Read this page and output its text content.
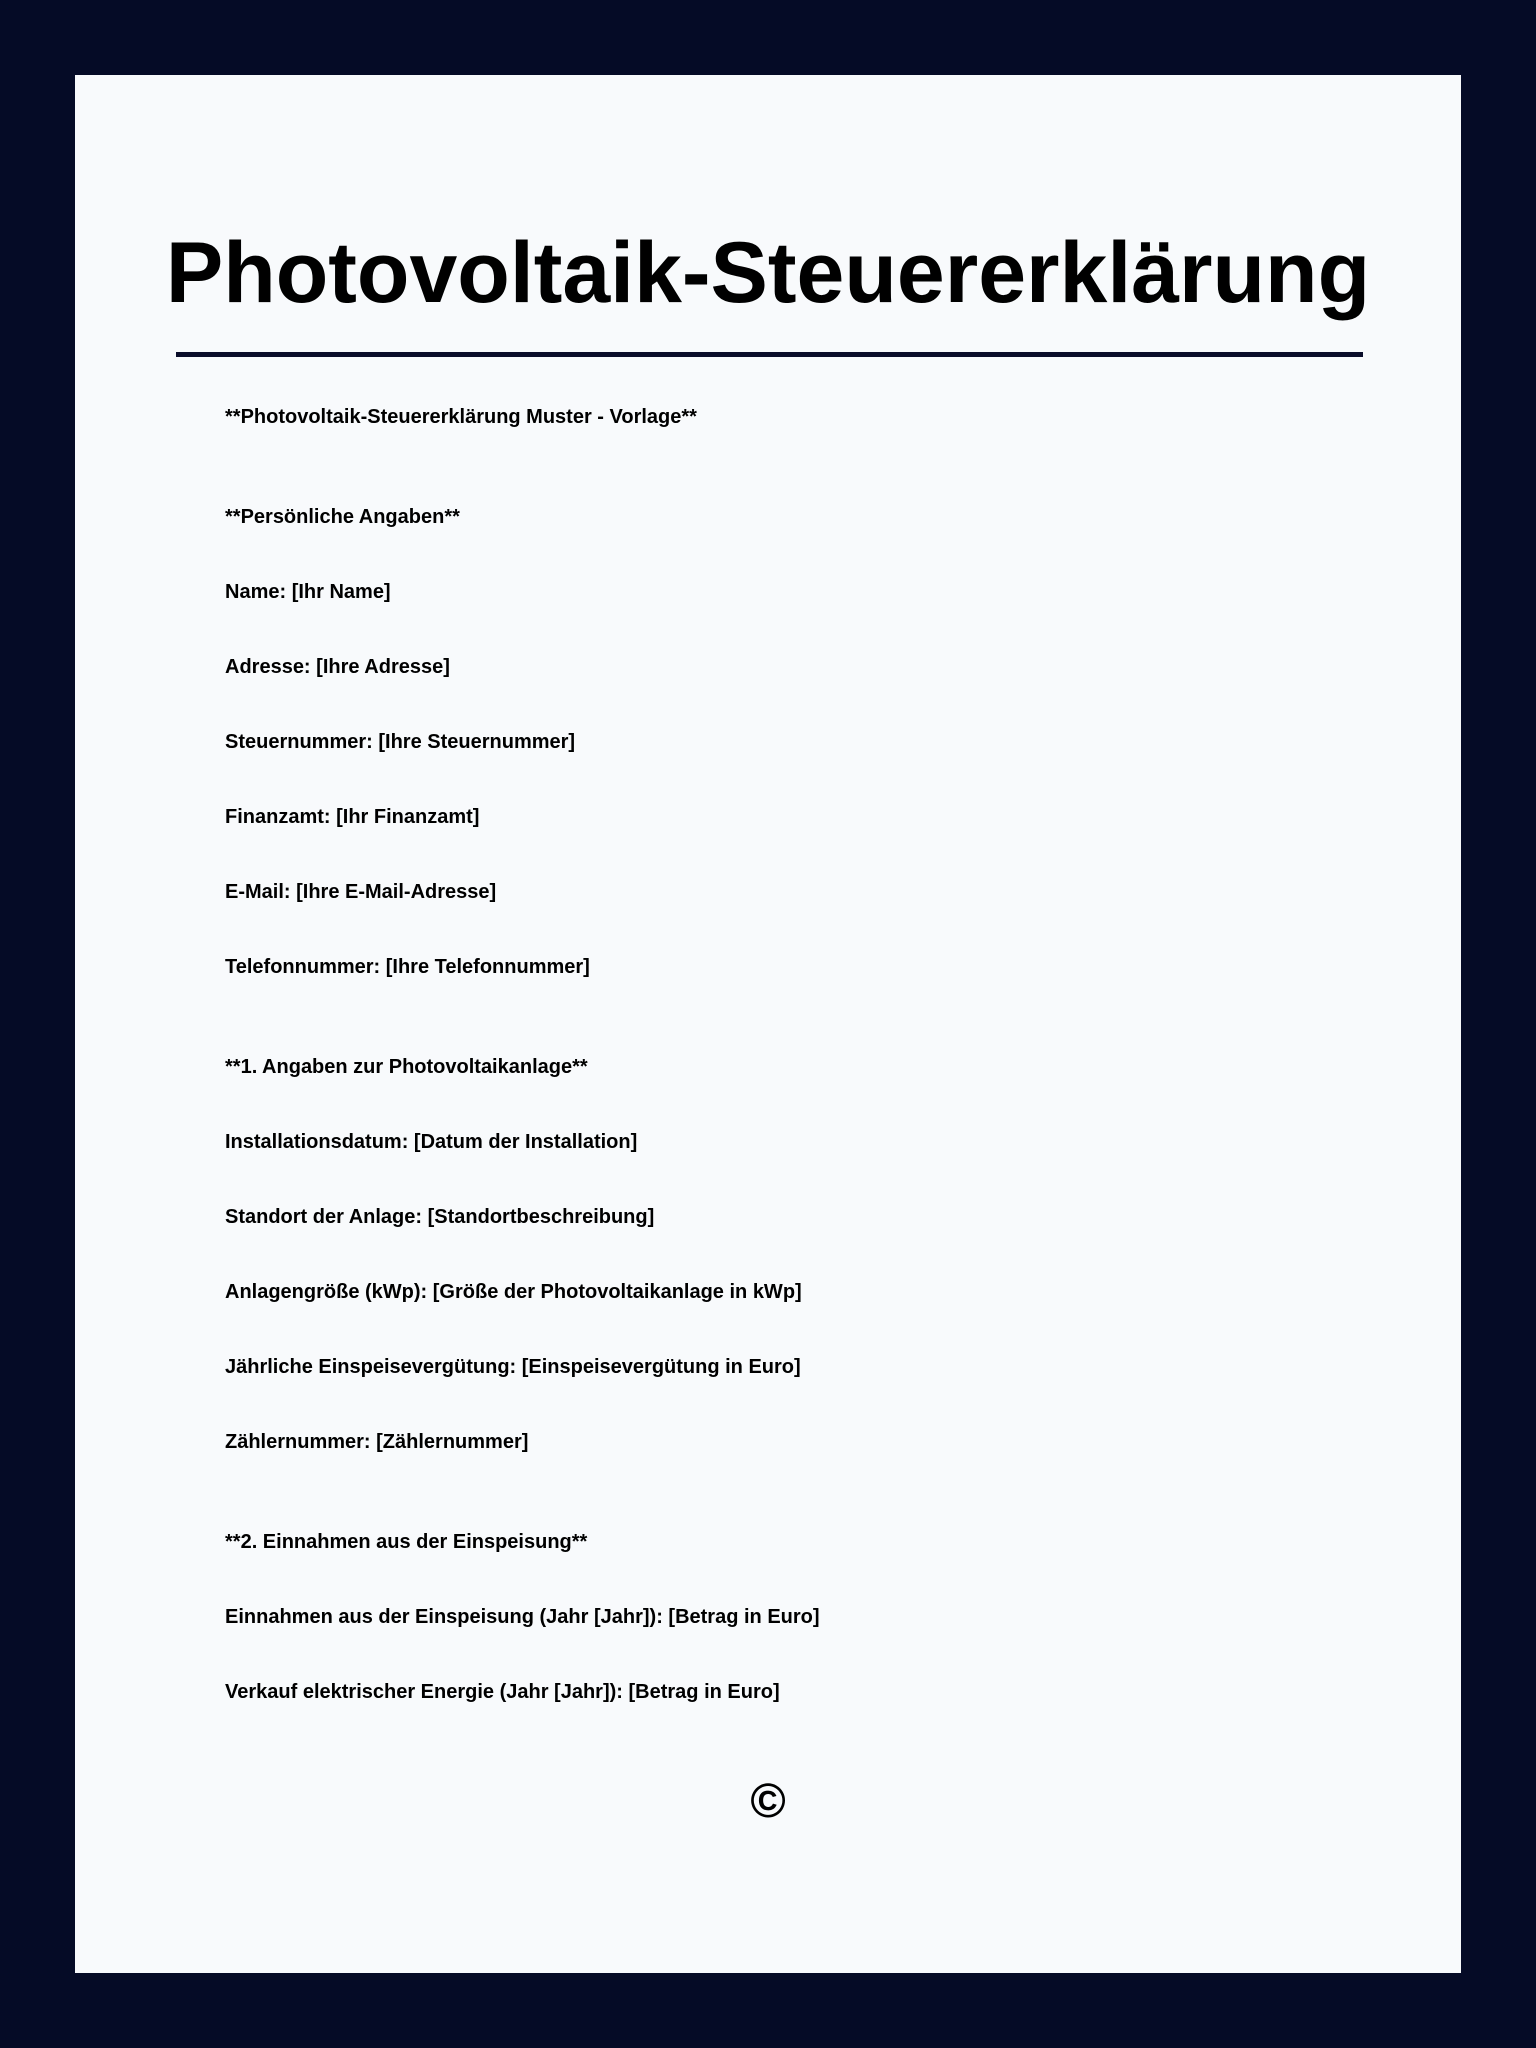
Photovoltaik-Steuererklärung

**Photovoltaik-Steuererklärung Muster - Vorlage**

**Persönliche Angaben**

Name: [Ihr Name]

Adresse: [Ihre Adresse]

Steuernummer: [Ihre Steuernummer]

Finanzamt: [Ihr Finanzamt]

E-Mail: [Ihre E-Mail-Adresse]

Telefonnummer: [Ihre Telefonnummer]

**1. Angaben zur Photovoltaikanlage**

Installationsdatum: [Datum der Installation]

Standort der Anlage: [Standortbeschreibung]

Anlagengröße (kWp): [Größe der Photovoltaikanlage in kWp]

Jährliche Einspeisevergütung: [Einspeisevergütung in Euro]

Zählernummer: [Zählernummer]

**2. Einnahmen aus der Einspeisung**

Einnahmen aus der Einspeisung (Jahr [Jahr]): [Betrag in Euro]

Verkauf elektrischer Energie (Jahr [Jahr]): [Betrag in Euro]

©
